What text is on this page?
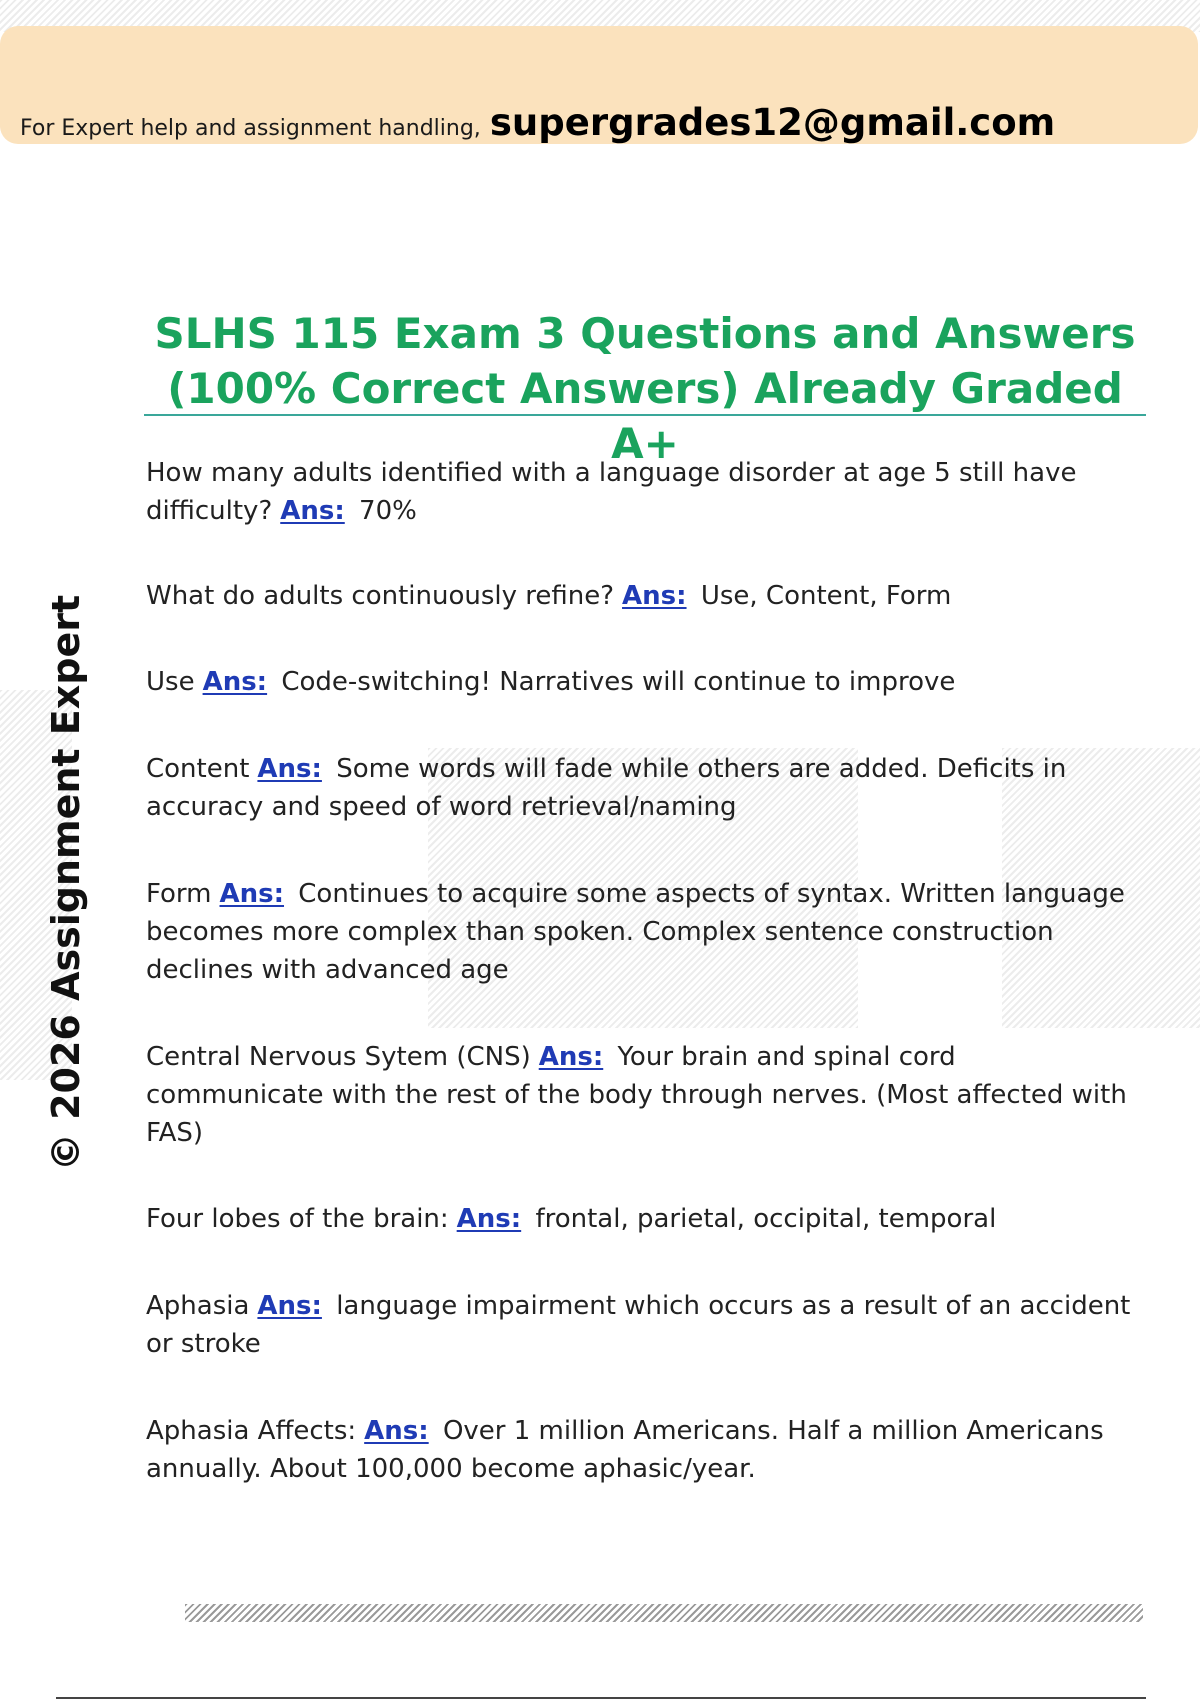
For Expert help and assignment handling, supergrades12@gmail.com
© 2026 Assignment Expert
SLHS 115 Exam 3 Questions and Answers
(100% Correct Answers) Already Graded A+
How many adults identified with a language disorder at age 5 still have difficulty? Ans: 70%
What do adults continuously refine? Ans: Use, Content, Form
Use Ans: Code-switching! Narratives will continue to improve
Content Ans: Some words will fade while others are added. Deficits in accuracy and speed of word retrieval/naming
Form Ans: Continues to acquire some aspects of syntax. Written language becomes more complex than spoken. Complex sentence construction declines with advanced age
Central Nervous Sytem (CNS) Ans: Your brain and spinal cord communicate with the rest of the body through nerves. (Most affected with FAS)
Four lobes of the brain: Ans: frontal, parietal, occipital, temporal
Aphasia Ans: language impairment which occurs as a result of an accident or stroke
Aphasia Affects: Ans: Over 1 million Americans. Half a million Americans annually. About 100,000 become aphasic/year.
